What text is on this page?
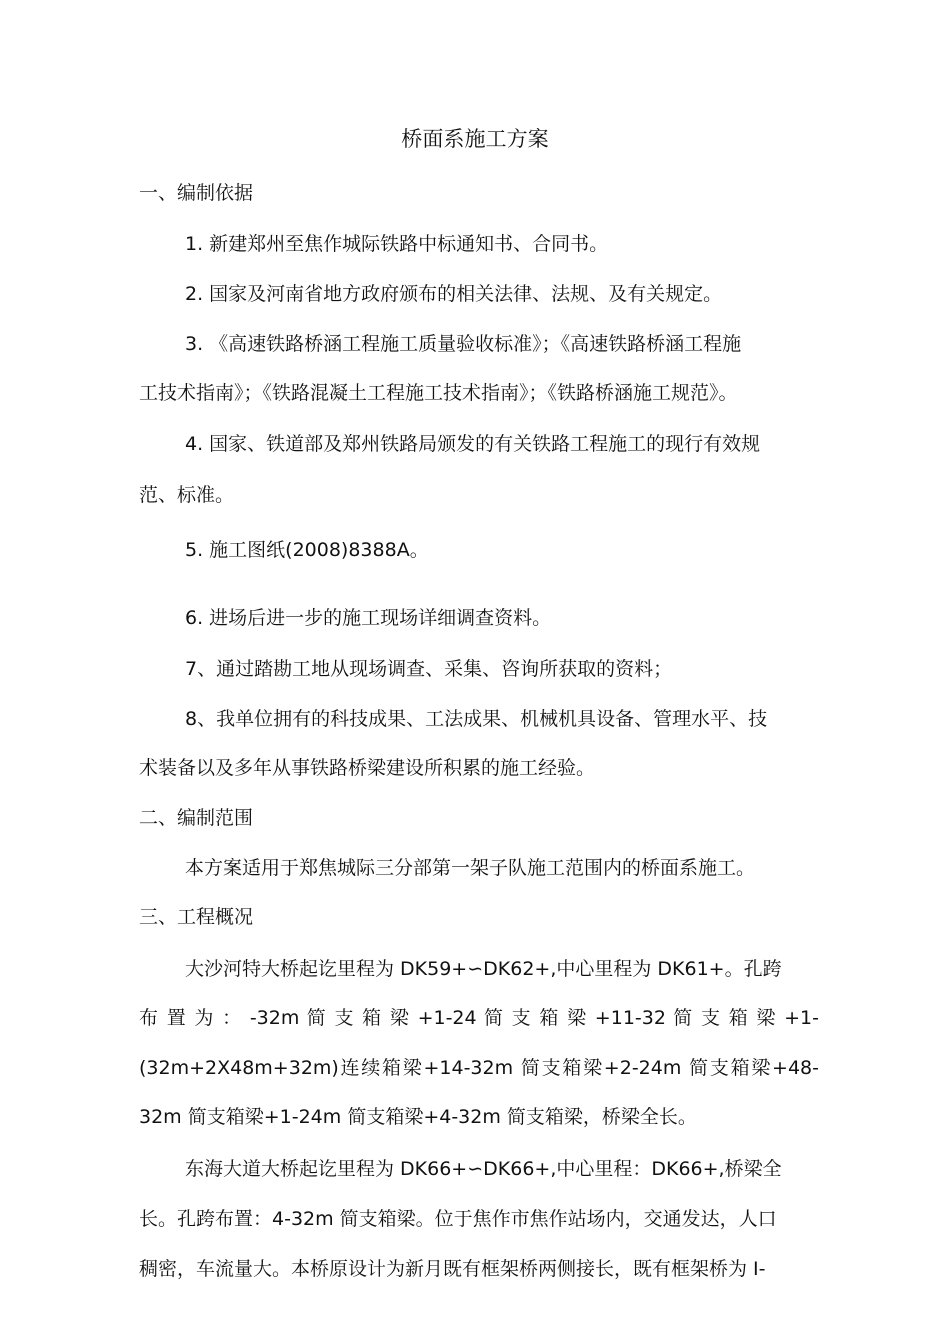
桥面系施工方案
一、编制依据
1. 新建郑州至焦作城际铁路中标通知书、合同书。
2. 国家及河南省地方政府颁布的相关法律、法规、及有关规定。
3. 《高速铁路桥涵工程施工质量验收标准》；《高速铁路桥涵工程施
工技术指南》；《铁路混凝土工程施工技术指南》；《铁路桥涵施工规范》。
4. 国家、铁道部及郑州铁路局颁发的有关铁路工程施工的现行有效规
范、标准。
5. 施工图纸(2008)8388A。
6. 进场后进一步的施工现场详细调查资料。
7、通过踏勘工地从现场调查、采集、咨询所获取的资料；
8、我单位拥有的科技成果、工法成果、机械机具设备、管理水平、技
术装备以及多年从事铁路桥梁建设所积累的施工经验。
二、编制范围
本方案适用于郑焦城际三分部第一架子队施工范围内的桥面系施工。
三、工程概况
大沙河特大桥起讫里程为 DK59+∽DK62+,中心里程为 DK61+。孔跨
布 置 为 ： -32m 简 支 箱 梁 +1-24 简 支 箱 梁 +11-32 简 支 箱 梁 +1-
(32m+2X48m+32m)连续箱梁+14-32m 简支箱梁+2-24m 简支箱梁+48-
32m 简支箱梁+1-24m 简支箱梁+4-32m 简支箱梁，桥梁全长。
东海大道大桥起讫里程为 DK66+∽DK66+,中心里程：DK66+,桥梁全
长。孔跨布置：4-32m 简支箱梁。位于焦作市焦作站场内，交通发达，人口
稠密，车流量大。本桥原设计为新月既有框架桥两侧接长，既有框架桥为 I-
